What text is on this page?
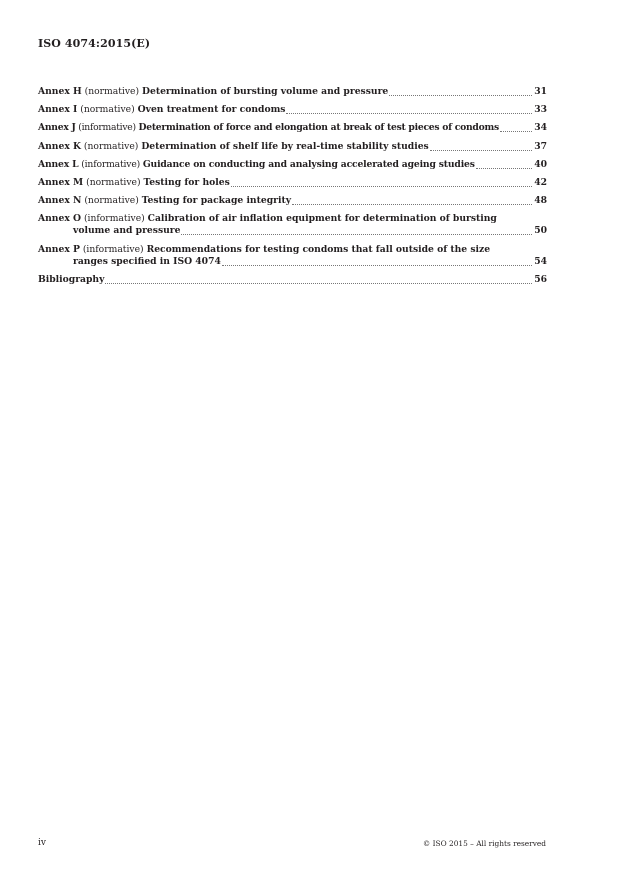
ISO 4074:2015(E)
Annex H (normative) Determination of bursting volume and pressure	31
Annex I (normative) Oven treatment for condoms	33
Annex J (informative) Determination of force and elongation at break of test pieces of condoms	34
Annex K (normative) Determination of shelf life by real-time stability studies	37
Annex L (informative) Guidance on conducting and analysing accelerated ageing studies	40
Annex M (normative) Testing for holes	42
Annex N (normative) Testing for package integrity	48
Annex O (informative) Calibration of air inflation equipment for determination of bursting
volume and pressure	50
Annex P (informative) Recommendations for testing condoms that fall outside of the size
ranges specified in ISO 4074	54
Bibliography	56
iv	© ISO 2015 – All rights reserved
